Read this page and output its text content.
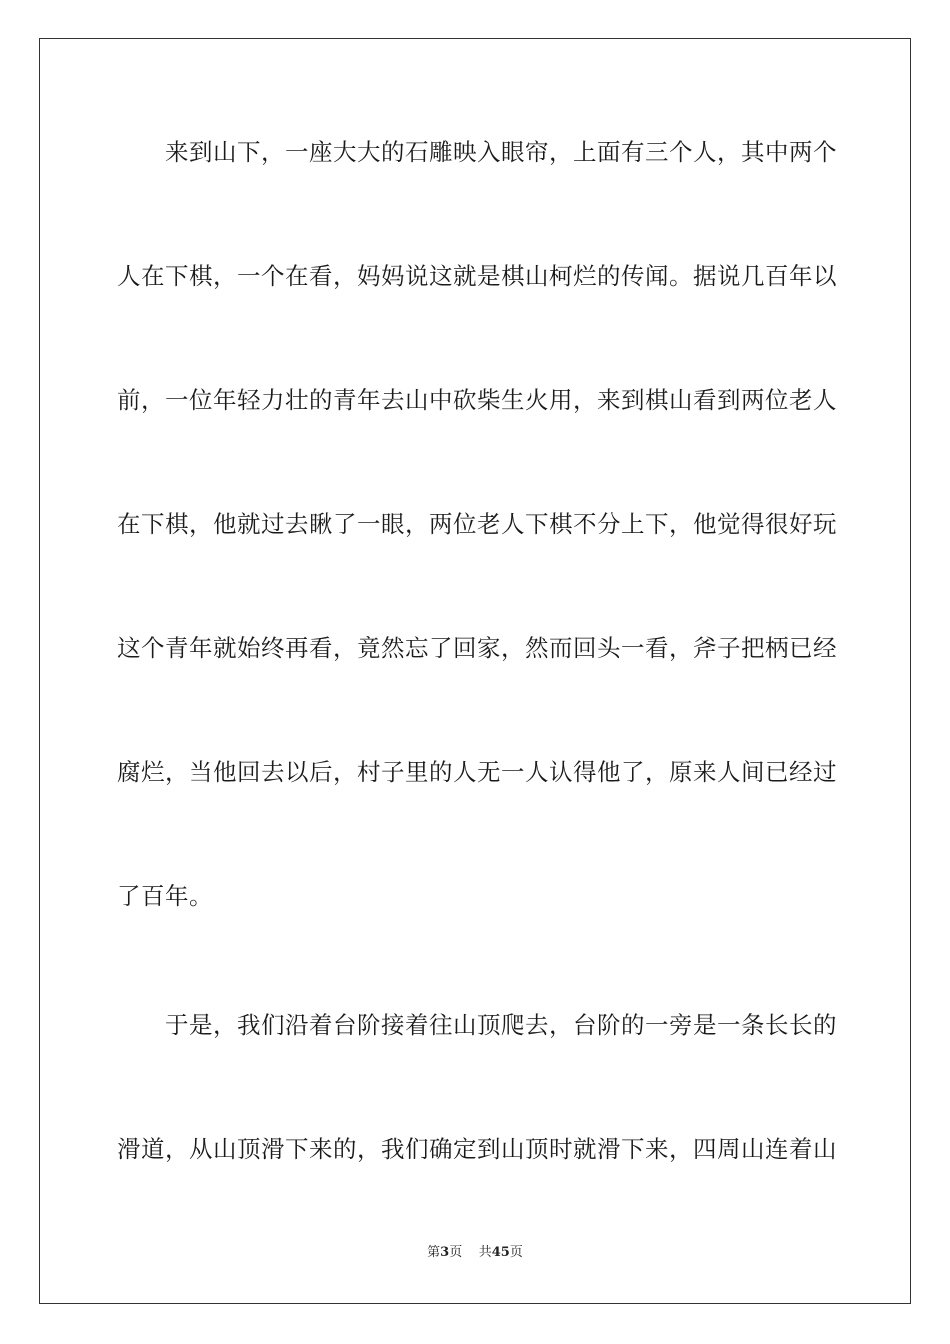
来到山下，一座大大的石雕映入眼帘，上面有三个人，其中两个
人在下棋，一个在看，妈妈说这就是棋山柯烂的传闻。据说几百年以
前，一位年轻力壮的青年去山中砍柴生火用，来到棋山看到两位老人
在下棋，他就过去瞅了一眼，两位老人下棋不分上下，他觉得很好玩
这个青年就始终再看，竟然忘了回家，然而回头一看，斧子把柄已经
腐烂，当他回去以后，村子里的人无一人认得他了，原来人间已经过
了百年。
于是，我们沿着台阶接着往山顶爬去，台阶的一旁是一条长长的
滑道，从山顶滑下来的，我们确定到山顶时就滑下来，四周山连着山
第3页 共45页
